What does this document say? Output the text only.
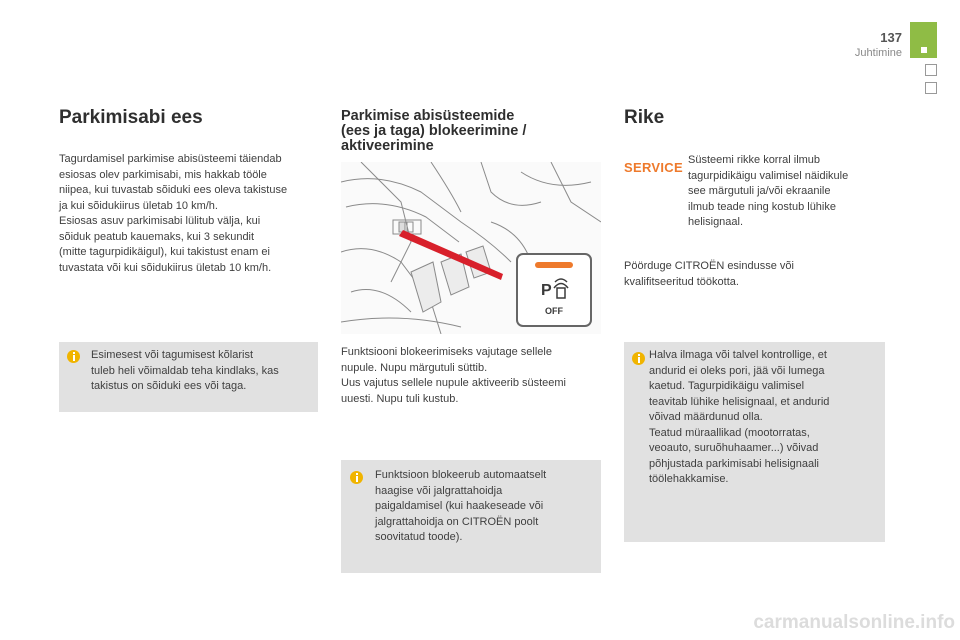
137
Juhtimine
Parkimisabi ees
Tagurdamisel parkimise abisüsteemi täiendab
esiosas olev parkimisabi, mis hakkab tööle
niipea, kui tuvastab sõiduki ees oleva takistuse
ja kui sõidukiirus ületab 10 km/h.
Esiosas asuv parkimisabi lülitub välja, kui
sõiduk peatub kauemaks, kui 3 sekundit
(mitte tagurpidikäigul), kui takistust enam ei
tuvastata või kui sõidukiirus ületab 10 km/h.
Esimesest või tagumisest kõlarist
tuleb heli võimaldab teha kindlaks, kas
takistus on sõiduki ees või taga.
Parkimise abisüsteemide
(ees ja taga) blokeerimine /
aktiveerimine
P
OFF
Funktsiooni blokeerimiseks vajutage sellele
nupule. Nupu märgutuli süttib.
Uus vajutus sellele nupule aktiveerib süsteemi
uuesti. Nupu tuli kustub.
Funktsioon blokeerub automaatselt
haagise või jalgrattahoidja
paigaldamisel (kui haakeseade või
jalgrattahoidja on CITROËN poolt
soovitatud toode).
Rike
SERVICE Süsteemi rikke korral ilmub
tagurpidikäigu valimisel näidikule
see märgutuli ja/või ekraanile
ilmub teade ning kostub lühike
helisignaal.
Pöörduge CITROËN esindusse või
kvalifitseeritud töökotta.
Halva ilmaga või talvel kontrollige, et
andurid ei oleks pori, jää või lumega
kaetud. Tagurpidikäigu valimisel
teavitab lühike helisignaal, et andurid
võivad määrdunud olla.
Teatud müraallikad (mootorratas,
veoauto, suruõhuhaamer...) võivad
põhjustada parkimisabi helisignaali
töölehakkamise.
carmanualsonline.info
